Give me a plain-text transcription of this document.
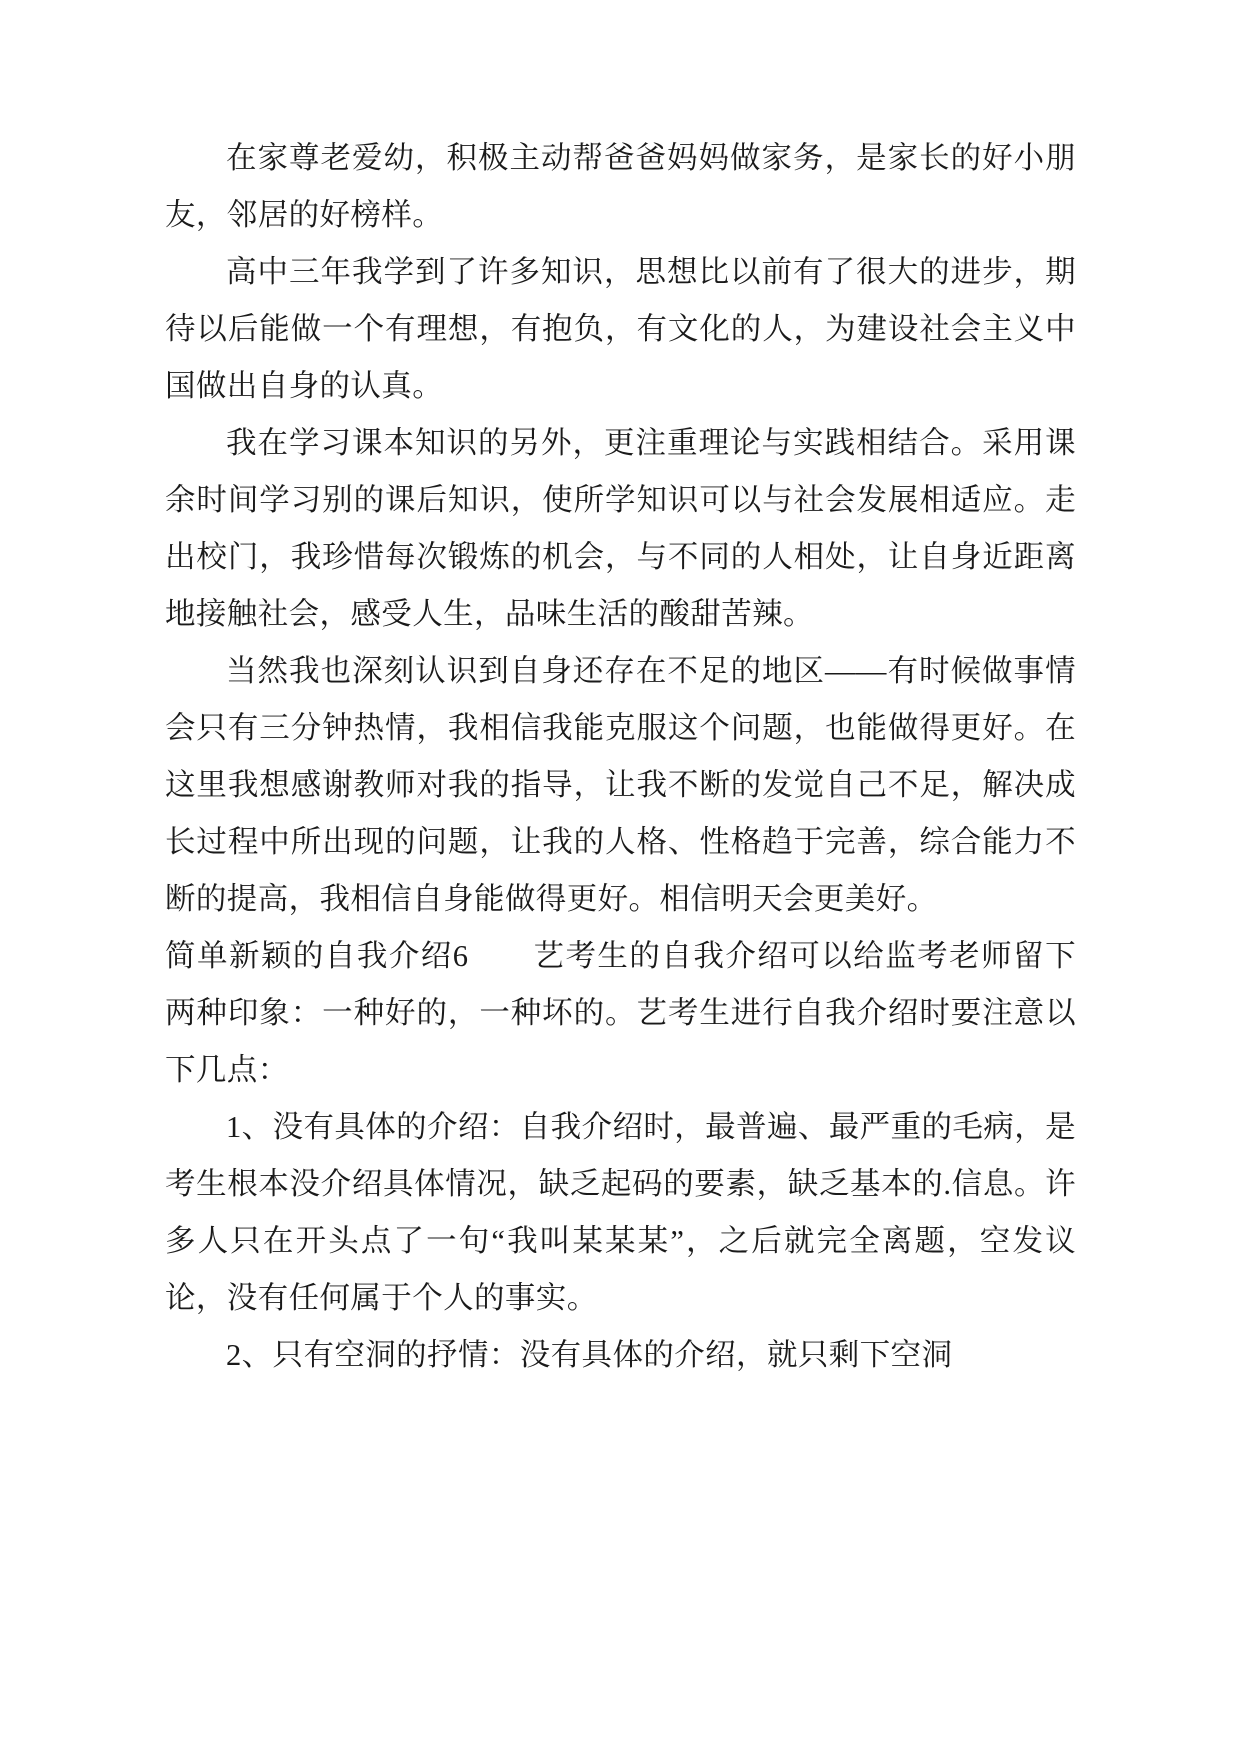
在家尊老爱幼，积极主动帮爸爸妈妈做家务，是家长的好小朋友，邻居的好榜样。

高中三年我学到了许多知识，思想比以前有了很大的进步，期待以后能做一个有理想，有抱负，有文化的人，为建设社会主义中国做出自身的认真。

我在学习课本知识的另外，更注重理论与实践相结合。采用课余时间学习别的课后知识，使所学知识可以与社会发展相适应。走出校门，我珍惜每次锻炼的机会，与不同的人相处，让自身近距离地接触社会，感受人生，品味生活的酸甜苦辣。

当然我也深刻认识到自身还存在不足的地区——有时候做事情会只有三分钟热情，我相信我能克服这个问题，也能做得更好。在这里我想感谢教师对我的指导，让我不断的发觉自己不足，解决成长过程中所出现的问题，让我的人格、性格趋于完善，综合能力不断的提高，我相信自身能做得更好。相信明天会更美好。

简单新颖的自我介绍6　　艺考生的自我介绍可以给监考老师留下两种印象：一种好的，一种坏的。艺考生进行自我介绍时要注意以下几点：

1、没有具体的介绍：自我介绍时，最普遍、最严重的毛病，是考生根本没介绍具体情况，缺乏起码的要素，缺乏基本的.信息。许多人只在开头点了一句“我叫某某某”，之后就完全离题，空发议论，没有任何属于个人的事实。

2、只有空洞的抒情：没有具体的介绍，就只剩下空洞
